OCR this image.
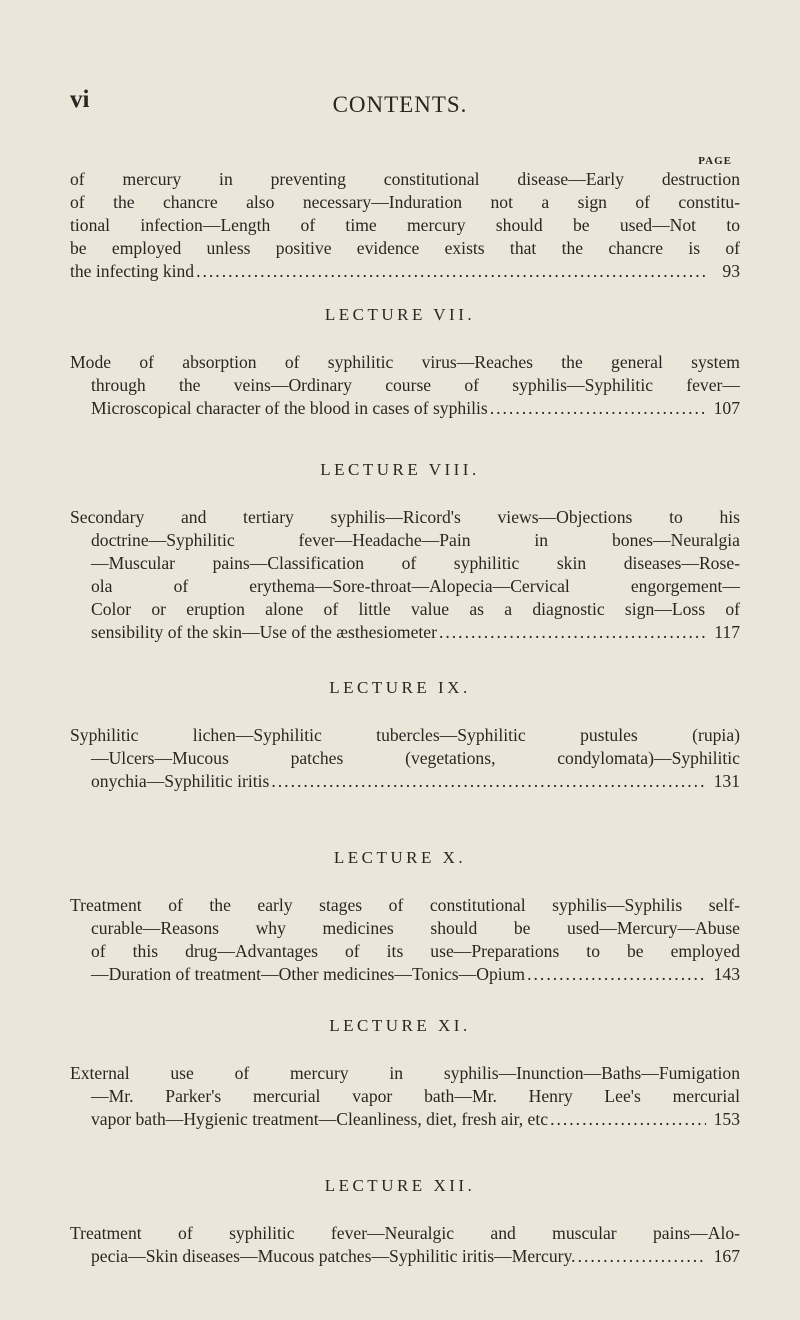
vi	CONTENTS.
PAGE
of mercury in preventing constitutional disease—Early destruction
of the chancre also necessary—Induration not a sign of constitu-
tional infection—Length of time mercury should be used—Not to
be employed unless positive evidence exists that the chancre is of
the infecting kind .....	93
LECTURE VII.
Mode of absorption of syphilitic virus—Reaches the general system
through the veins—Ordinary course of syphilis—Syphilitic fever—
Microscopical character of the blood in cases of syphilis .....	107
LECTURE VIII.
Secondary and tertiary syphilis—Ricord's views—Objections to his
doctrine—Syphilitic fever—Headache—Pain in bones—Neuralgia
—Muscular pains—Classification of syphilitic skin diseases—Rose-
ola of erythema—Sore-throat—Alopecia—Cervical engorgement—
Color or eruption alone of little value as a diagnostic sign—Loss of
sensibility of the skin—Use of the æsthesiometer .....	117
LECTURE IX.
Syphilitic lichen—Syphilitic tubercles—Syphilitic pustules (rupia)
—Ulcers—Mucous patches (vegetations, condylomata)—Syphilitic
onychia—Syphilitic iritis .....	131
LECTURE X.
Treatment of the early stages of constitutional syphilis—Syphilis self-
curable—Reasons why medicines should be used—Mercury—Abuse
of this drug—Advantages of its use—Preparations to be employed
—Duration of treatment—Other medicines—Tonics—Opium .....	143
LECTURE XI.
External use of mercury in syphilis—Inunction—Baths—Fumigation
—Mr. Parker's mercurial vapor bath—Mr. Henry Lee's mercurial
vapor bath—Hygienic treatment—Cleanliness, diet, fresh air, etc .....	153
LECTURE XII.
Treatment of syphilitic fever—Neuralgic and muscular pains—Alo-
pecia—Skin diseases—Mucous patches—Syphilitic iritis—Mercury. .....	167
